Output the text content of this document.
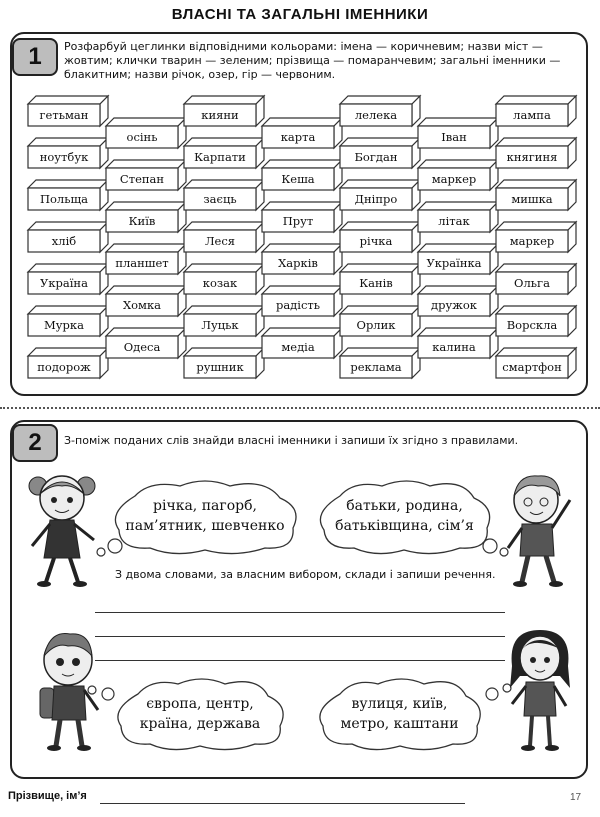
ВЛАСНІ ТА ЗАГАЛЬНІ ІМЕННИКИ
1	Розфарбуй цеглинки відповідними кольорами: імена — коричневим; назви міст — жовтим; клички тварин — зеленим; прізвища — помаранчевим; загальні іменники — блакитним; назви річок, озер, гір — червоним.
гетьман
ноутбук
Польща
хліб
Україна
Мурка
подорож
осінь
Степан
Київ
планшет
Хомка
Одеса
кияни
Карпати
заєць
Леся
козак
Луцьк
рушник
карта
Кеша
Прут
Харків
радість
медіа
лелека
Богдан
Дніпро
річка
Канів
Орлик
реклама
Іван
маркер
літак
Українка
дружок
калина
лампа
княгиня
мишка
маркер
Ольга
Ворскла
смартфон
2	З-поміж поданих слів знайди власні іменники і запиши їх згідно з правилами.
річка, пагорб,
пам’ятник, шевченко
батьки, родина,
батьківщина, сім’я
європа, центр,
країна, держава
вулиця, київ,
метро, каштани
З двома словами, за власним вибором, склади і запиши речення.
Прізвище, ім’я	17
